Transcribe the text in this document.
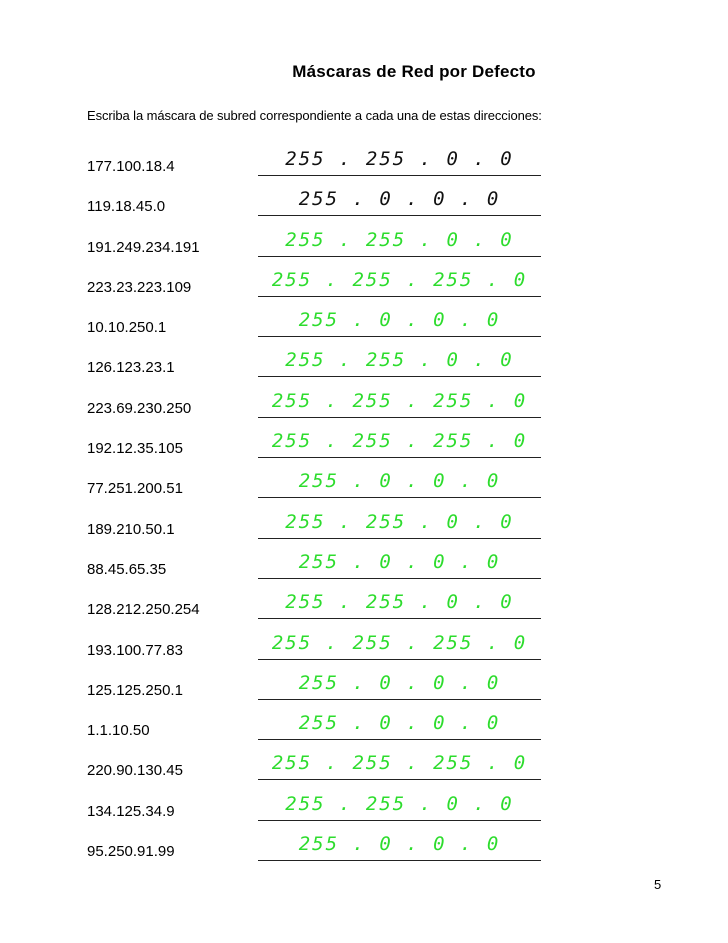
Máscaras de Red por Defecto
Escriba la máscara de subred correspondiente a cada una de estas direcciones:
177.100.18.4	255 . 255 . 0 . 0
119.18.45.0	255 . 0 . 0 . 0
191.249.234.191	255 . 255 . 0 . 0
223.23.223.109	255 . 255 . 255 . 0
10.10.250.1	255 . 0 . 0 . 0
126.123.23.1	255 . 255 . 0 . 0
223.69.230.250	255 . 255 . 255 . 0
192.12.35.105	255 . 255 . 255 . 0
77.251.200.51	255 . 0 . 0 . 0
189.210.50.1	255 . 255 . 0 . 0
88.45.65.35	255 . 0 . 0 . 0
128.212.250.254	255 . 255 . 0 . 0
193.100.77.83	255 . 255 . 255 . 0
125.125.250.1	255 . 0 . 0 . 0
1.1.10.50	255 . 0 . 0 . 0
220.90.130.45	255 . 255 . 255 . 0
134.125.34.9	255 . 255 . 0 . 0
95.250.91.99	255 . 0 . 0 . 0
5
